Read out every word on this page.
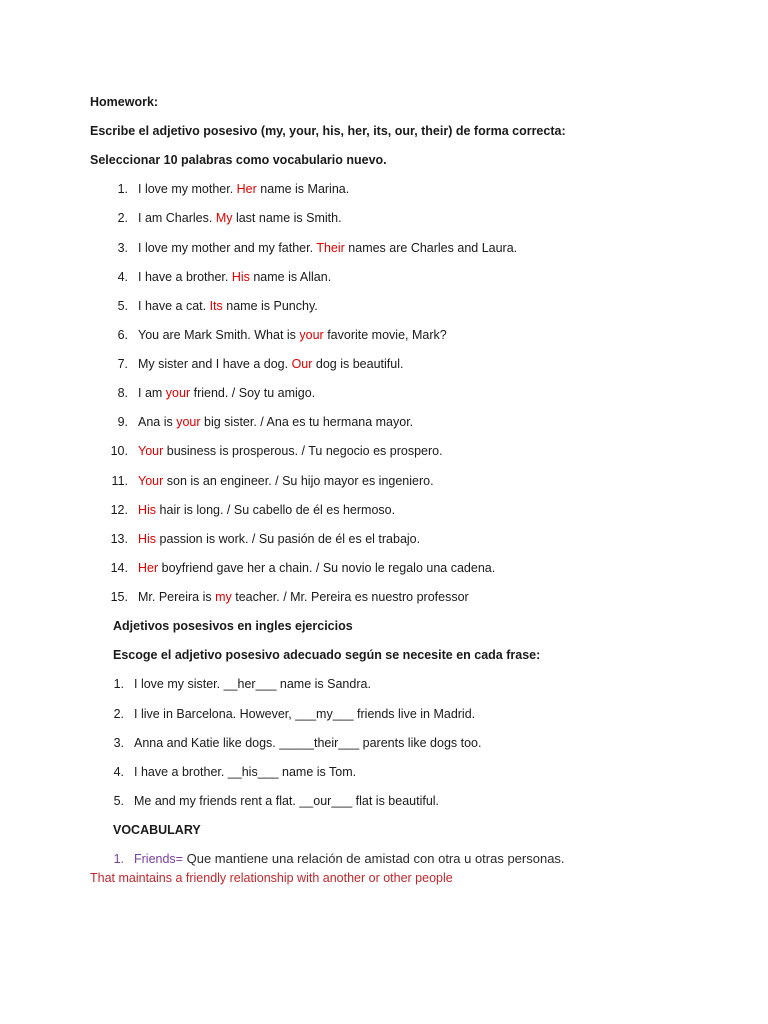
Homework:
Escribe el adjetivo posesivo (my, your, his, her, its, our, their) de forma correcta:
Seleccionar 10 palabras como vocabulario nuevo.
1. I love my mother. Her name is Marina.
2. I am Charles. My last name is Smith.
3. I love my mother and my father. Their names are Charles and Laura.
4. I have a brother. His name is Allan.
5. I have a cat. Its name is Punchy.
6. You are Mark Smith. What is your favorite movie, Mark?
7. My sister and I have a dog. Our dog is beautiful.
8. I am your friend. / Soy tu amigo.
9. Ana is your big sister. / Ana es tu hermana mayor.
10. Your business is prosperous. / Tu negocio es prospero.
11. Your son is an engineer. / Su hijo mayor es ingeniero.
12. His hair is long. / Su cabello de él es hermoso.
13. His passion is work. / Su pasión de él es el trabajo.
14. Her boyfriend gave her a chain. / Su novio le regalo una cadena.
15. Mr. Pereira is my teacher. / Mr. Pereira es nuestro professor
Adjetivos posesivos en ingles ejercicios
Escoge el adjetivo posesivo adecuado según se necesite en cada frase:
1. I love my sister. __her___ name is Sandra.
2. I live in Barcelona. However, ___my___ friends live in Madrid.
3. Anna and Katie like dogs. _____their___ parents like dogs too.
4. I have a brother. __his___ name is Tom.
5. Me and my friends rent a flat. __our___ flat is beautiful.
VOCABULARY
1. Friends= Que mantiene una relación de amistad con otra u otras personas.
That maintains a friendly relationship with another or other people
